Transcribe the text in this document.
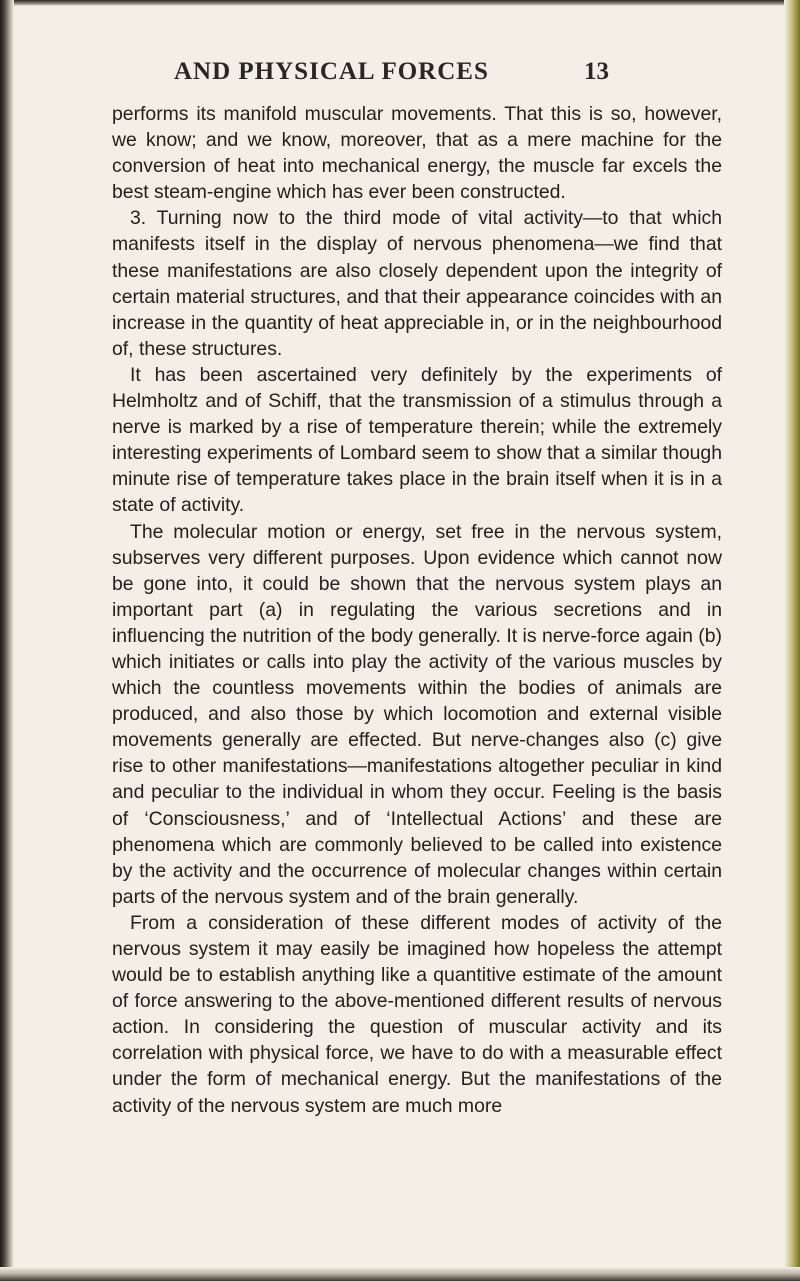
AND PHYSICAL FORCES	13

performs its manifold muscular movements. That this is so, however, we know; and we know, moreover, that as a mere machine for the conversion of heat into mechanical energy, the muscle far excels the best steam-engine which has ever been constructed.

3. Turning now to the third mode of vital activity—to that which manifests itself in the display of nervous phenomena—we find that these manifestations are also closely dependent upon the integrity of certain material structures, and that their appearance coincides with an increase in the quantity of heat appreciable in, or in the neighbourhood of, these structures.

It has been ascertained very definitely by the experiments of Helmholtz and of Schiff, that the transmission of a stimulus through a nerve is marked by a rise of temperature therein; while the extremely interesting experiments of Lombard seem to show that a similar though minute rise of temperature takes place in the brain itself when it is in a state of activity.

The molecular motion or energy, set free in the nervous system, subserves very different purposes. Upon evidence which cannot now be gone into, it could be shown that the nervous system plays an important part (a) in regulating the various secretions and in influencing the nutrition of the body generally. It is nerve-force again (b) which initiates or calls into play the activity of the various muscles by which the countless movements within the bodies of animals are produced, and also those by which locomotion and external visible movements generally are effected. But nerve-changes also (c) give rise to other manifestations—manifestations altogether peculiar in kind and peculiar to the individual in whom they occur. Feeling is the basis of ‘Consciousness,’ and of ‘Intellectual Actions’ and these are phenomena which are commonly believed to be called into existence by the activity and the occurrence of molecular changes within certain parts of the nervous system and of the brain generally.

From a consideration of these different modes of activity of the nervous system it may easily be imagined how hopeless the attempt would be to establish anything like a quantitive estimate of the amount of force answering to the above-mentioned different results of nervous action. In considering the question of muscular activity and its correlation with physical force, we have to do with a measurable effect under the form of mechanical energy. But the manifestations of the activity of the nervous system are much more
